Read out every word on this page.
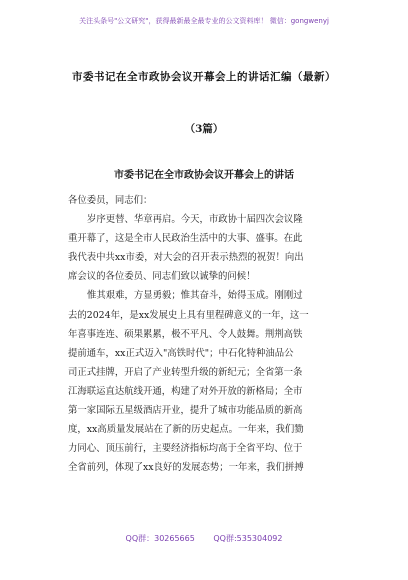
关注头条号"公文研究"，获得最新最全最专业的公文资料库！ 微信：gongwenyj
市委书记在全市政协会议开幕会上的讲话汇编（最新）
（3篇）
市委书记在全市政协会议开幕会上的讲话
各位委员，同志们：
岁序更替、华章再启。今天，市政协十届四次会议隆
重开幕了，这是全市人民政治生活中的大事、盛事。在此
我代表中共xx市委，对大会的召开表示热烈的祝贺！向出
席会议的各位委员、同志们致以诚挚的问候！
惟其艰难，方显勇毅；惟其奋斗，始得玉成。刚刚过
去的2024年，是xx发展史上具有里程碑意义的一年，这一
年喜事连连、硕果累累，极不平凡、令人鼓舞。荆荆高铁
提前通车，xx正式迈入"高铁时代"；中石化特种油品公
司正式挂牌，开启了产业转型升级的新纪元；全省第一条
江海联运直达航线开通，构建了对外开放的新格局；全市
第一家国际五星级酒店开业，提升了城市功能品质的新高
度，xx高质量发展站在了新的历史起点。一年来，我们勠
力同心、顶压前行，主要经济指标均高于全省平均、位于
全省前列，体现了xx良好的发展态势；一年来，我们拼搏
QQ群：30265665 QQ群:535304092
